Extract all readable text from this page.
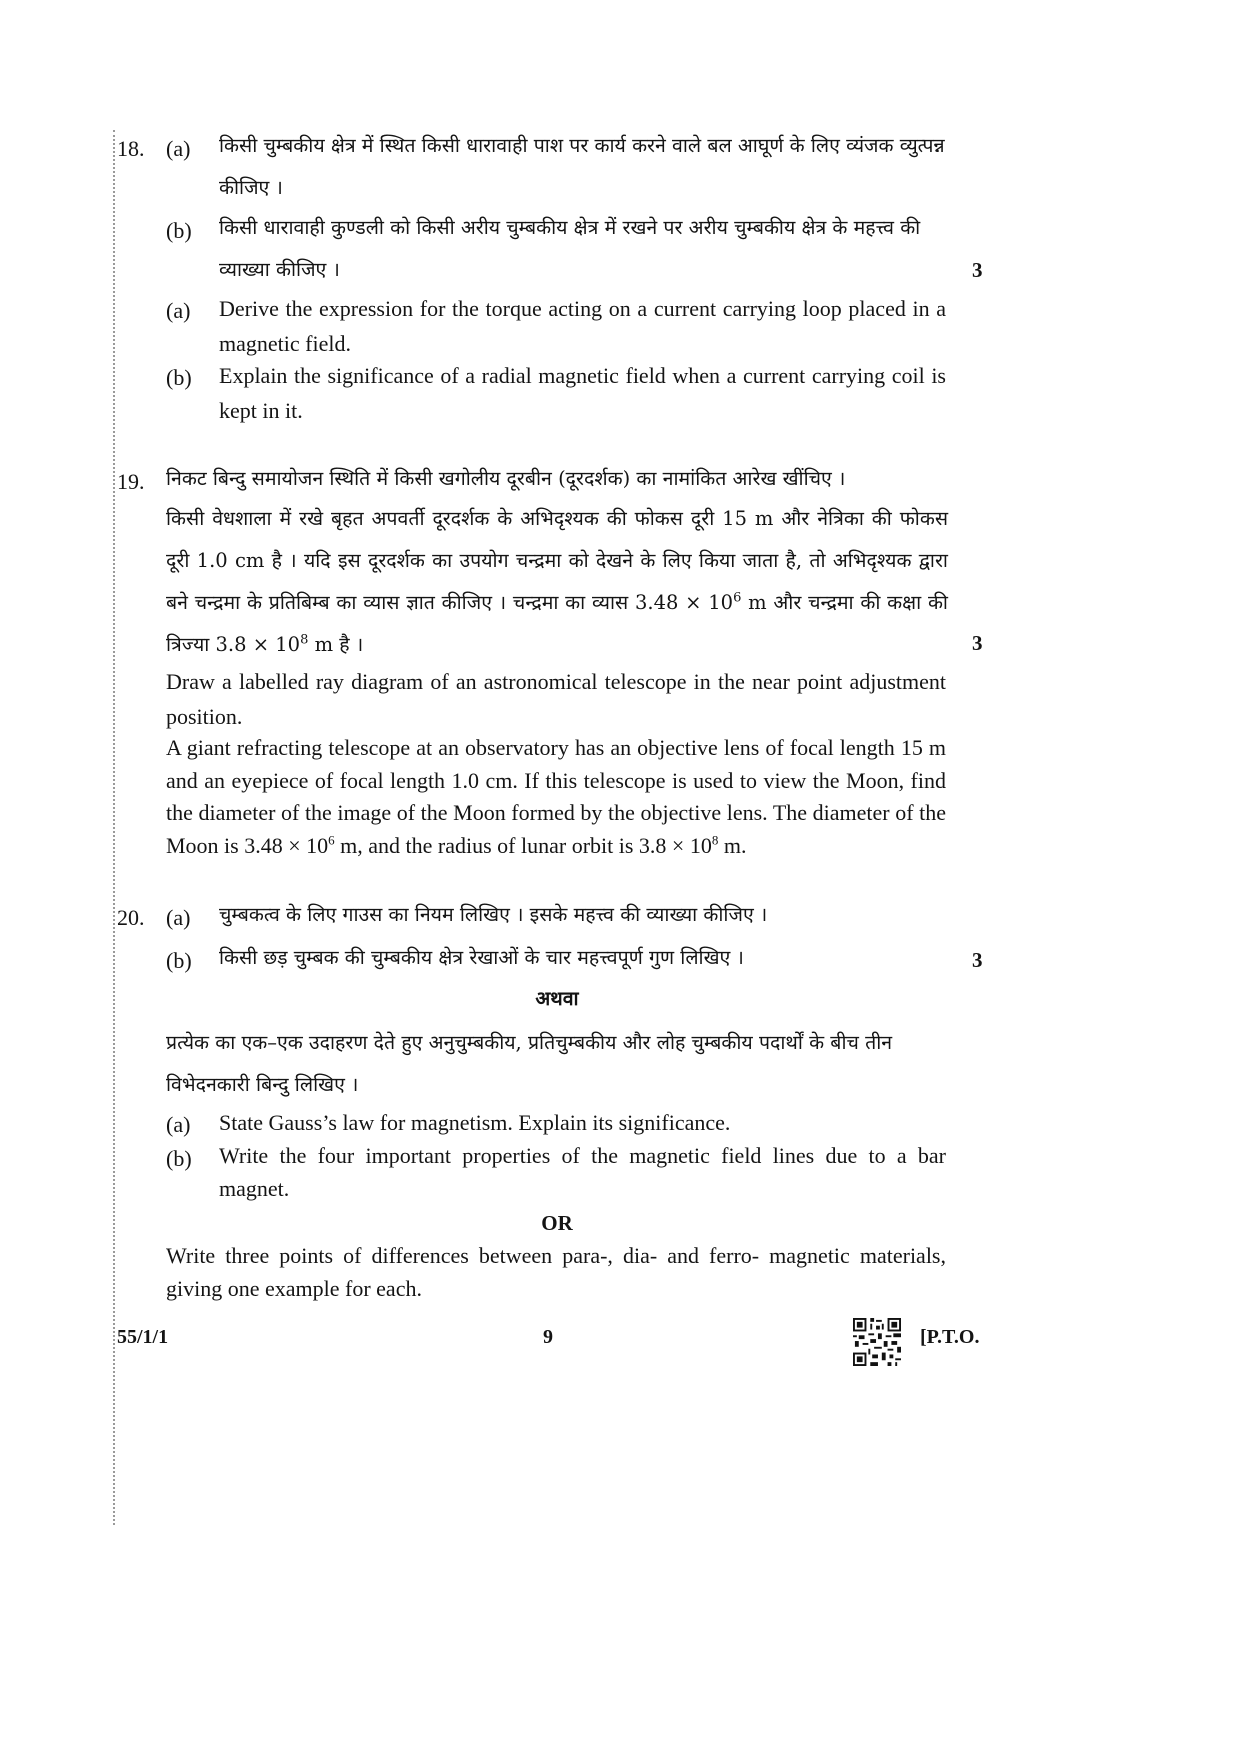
18. (a) किसी चुम्बकीय क्षेत्र में स्थित किसी धारावाही पाश पर कार्य करने वाले बल आघूर्ण के लिए व्यंजक व्युत्पन्न कीजिए ।

(b) किसी धारावाही कुण्डली को किसी अरीय चुम्बकीय क्षेत्र में रखने पर अरीय चुम्बकीय क्षेत्र के महत्त्व की व्याख्या कीजिए ।	3
(a) Derive the expression for the torque acting on a current carrying loop placed in a magnetic field.

(b) Explain the significance of a radial magnetic field when a current carrying coil is kept in it.

19. निकट बिन्दु समायोजन स्थिति में किसी खगोलीय दूरबीन (दूरदर्शक) का नामांकित आरेख खींचिए ।

किसी वेधशाला में रखे बृहत अपवर्ती दूरदर्शक के अभिदृश्यक की फोकस दूरी 15 m और नेत्रिका की फोकस दूरी 1.0 cm है । यदि इस दूरदर्शक का उपयोग चन्द्रमा को देखने के लिए किया जाता है, तो अभिदृश्यक द्वारा बने चन्द्रमा के प्रतिबिम्ब का व्यास ज्ञात कीजिए । चन्द्रमा का व्यास $3.48 \times 10^6$ m और चन्द्रमा की कक्षा की त्रिज्या $3.8 \times 10^8$ m है ।	3

Draw a labelled ray diagram of an astronomical telescope in the near point adjustment position.

A giant refracting telescope at an observatory has an objective lens of focal length 15 m and an eyepiece of focal length 1.0 cm. If this telescope is used to view the Moon, find the diameter of the image of the Moon formed by the objective lens. The diameter of the Moon is $3.48 \times 10^6$ m, and the radius of lunar orbit is $3.8 \times 10^8$ m.

20. (a) चुम्बकत्व के लिए गाउस का नियम लिखिए । इसके महत्त्व की व्याख्या कीजिए ।

(b) किसी छड़ चुम्बक की चुम्बकीय क्षेत्र रेखाओं के चार महत्त्वपूर्ण गुण लिखिए ।	3

अथवा

प्रत्येक का एक–एक उदाहरण देते हुए अनुचुम्बकीय, प्रतिचुम्बकीय और लोह चुम्बकीय पदार्थों के बीच तीन विभेदनकारी बिन्दु लिखिए ।

(a) State Gauss’s law for magnetism. Explain its significance.

(b) Write the four important properties of the magnetic field lines due to a bar magnet.

OR

Write three points of differences between para-, dia- and ferro- magnetic materials, giving one example for each.

55/1/1	9	[P.T.O.
